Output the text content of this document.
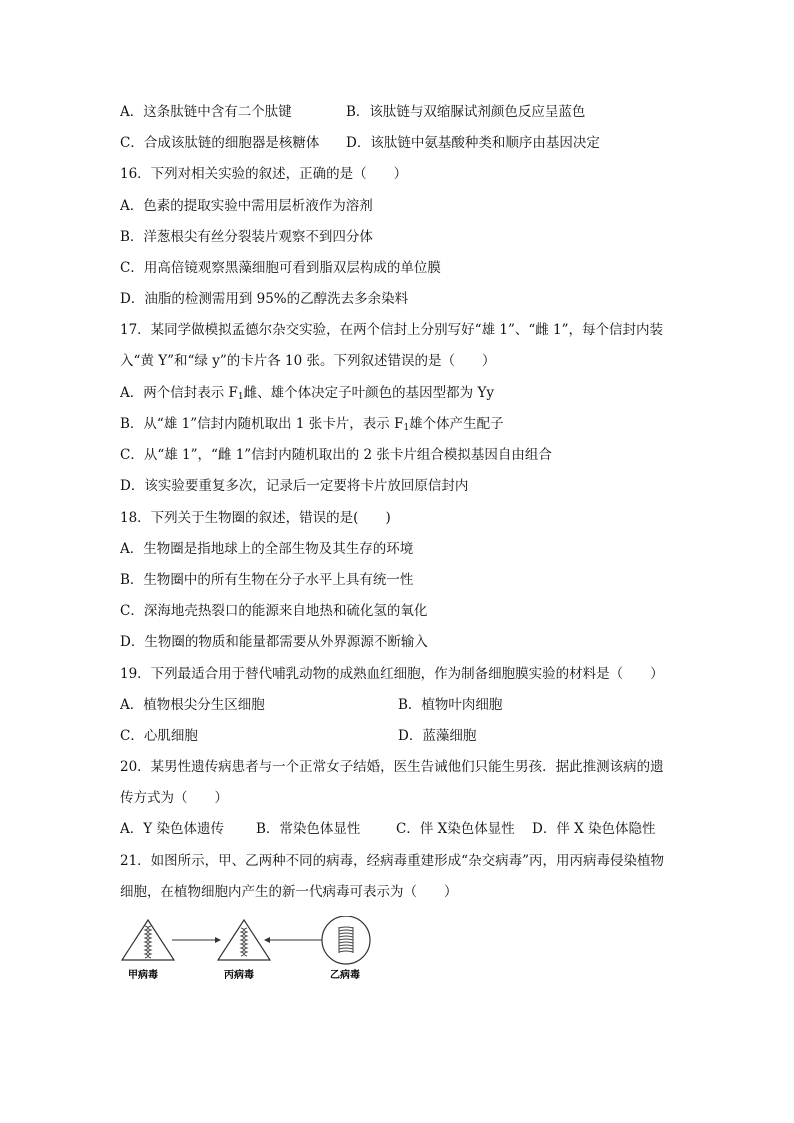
A．这条肽链中含有二个肽键	B．该肽链与双缩脲试剂颜色反应呈蓝色
C．合成该肽链的细胞器是核糖体 D．该肽链中氨基酸种类和顺序由基因决定
16．下列对相关实验的叙述，正确的是（　　）
A．色素的提取实验中需用层析液作为溶剂
B．洋葱根尖有丝分裂装片观察不到四分体
C．用高倍镜观察黑藻细胞可看到脂双层构成的单位膜
D．油脂的检测需用到 95%的乙醇洗去多余染料
17．某同学做模拟孟德尔杂交实验，在两个信封上分别写好“雄 1”、“雌 1”，每个信封内装
入“黄 Y”和“绿 y”的卡片各 10 张。下列叙述错误的是（　　）
A．两个信封表示 $F_1$雌、雄个体决定子叶颜色的基因型都为 Yy
B．从“雄 1”信封内随机取出 1 张卡片，表示 $F_1$雄个体产生配子
C．从“雄 1”，“雌 1”信封内随机取出的 2 张卡片组合模拟基因自由组合
D．该实验要重复多次，记录后一定要将卡片放回原信封内
18．下列关于生物圈的叙述，错误的是(　　)
A．生物圈是指地球上的全部生物及其生存的环境
B．生物圈中的所有生物在分子水平上具有统一性
C．深海地壳热裂口的能源来自地热和硫化氢的氧化
D．生物圈的物质和能量都需要从外界源源不断输入
19．下列最适合用于替代哺乳动物的成熟血红细胞，作为制备细胞膜实验的材料是（　　）
A．植物根尖分生区细胞	B．植物叶肉细胞
C．心肌细胞	D．蓝藻细胞
20．某男性遗传病患者与一个正常女子结婚，医生告诫他们只能生男孩．据此推测该病的遗
传方式为（　　）
A．Y 染色体遗传 B．常染色体显性	C．伴 X染色体显性 D．伴 X 染色体隐性
21．如图所示，甲、乙两种不同的病毒，经病毒重建形成“杂交病毒”丙，用丙病毒侵染植物
细胞，在植物细胞内产生的新一代病毒可表示为（　　）
甲病毒	丙病毒	乙病毒
